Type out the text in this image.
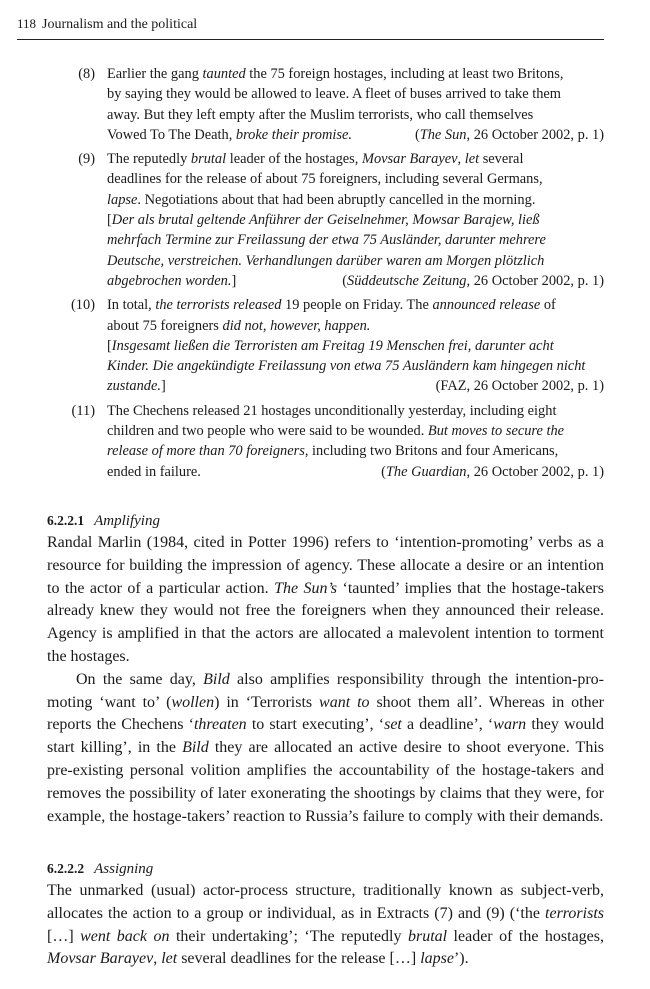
118 Journalism and the political
(8) Earlier the gang taunted the 75 foreign hostages, including at least two Britons,
by saying they would be allowed to leave. A fleet of buses arrived to take them
away. But they left empty after the Muslim terrorists, who call themselves
Vowed To The Death, broke their promise.	(The Sun, 26 October 2002, p. 1)
(9) The reputedly brutal leader of the hostages, Movsar Barayev, let several
deadlines for the release of about 75 foreigners, including several Germans,
lapse. Negotiations about that had been abruptly cancelled in the morning.
[Der als brutal geltende Anführer der Geiselnehmer, Mowsar Barajew, ließ
mehrfach Termine zur Freilassung der etwa 75 Ausländer, darunter mehrere
Deutsche, verstreichen. Verhandlungen darüber waren am Morgen plötzlich
abgebrochen worden.]	(Süddeutsche Zeitung, 26 October 2002, p. 1)
(10) In total, the terrorists released 19 people on Friday. The announced release of
about 75 foreigners did not, however, happen.
[Insgesamt ließen die Terroristen am Freitag 19 Menschen frei, darunter acht
Kinder. Die angekündigte Freilassung von etwa 75 Ausländern kam hingegen nicht
zustande.]	(FAZ, 26 October 2002, p. 1)
(11) The Chechens released 21 hostages unconditionally yesterday, including eight
children and two people who were said to be wounded. But moves to secure the
release of more than 70 foreigners, including two Britons and four Americans,
ended in failure.	(The Guardian, 26 October 2002, p. 1)
6.2.2.1 Amplifying

Randal Marlin (1984, cited in Potter 1996) refers to ‘intention-promoting’ verbs as a resource for building the impression of agency. These allocate a desire or an intention to the actor of a particular action. The Sun’s ‘taunted’ implies that the hostage-takers already knew they would not free the foreigners when they announced their release. Agency is amplified in that the actors are allocated a malevolent intention to torment the hostages.

On the same day, Bild also amplifies responsibility through the intention-promoting ‘want to’ (wollen) in ‘Terrorists want to shoot them all’. Whereas in other reports the Chechens ‘threaten to start executing’, ‘set a deadline’, ‘warn they would start killing’, in the Bild they are allocated an active desire to shoot everyone. This pre-existing personal volition amplifies the accountability of the hostage-takers and removes the possibility of later exonerating the shootings by claims that they were, for example, the hostage-takers’ reaction to Russia’s failure to comply with their demands.

6.2.2.2 Assigning

The unmarked (usual) actor-process structure, traditionally known as subject-verb, allocates the action to a group or individual, as in Extracts (7) and (9) (‘the terrorists […] went back on their undertaking’; ‘The reputedly brutal leader of the hostages, Movsar Barayev, let several deadlines for the release […] lapse’).
